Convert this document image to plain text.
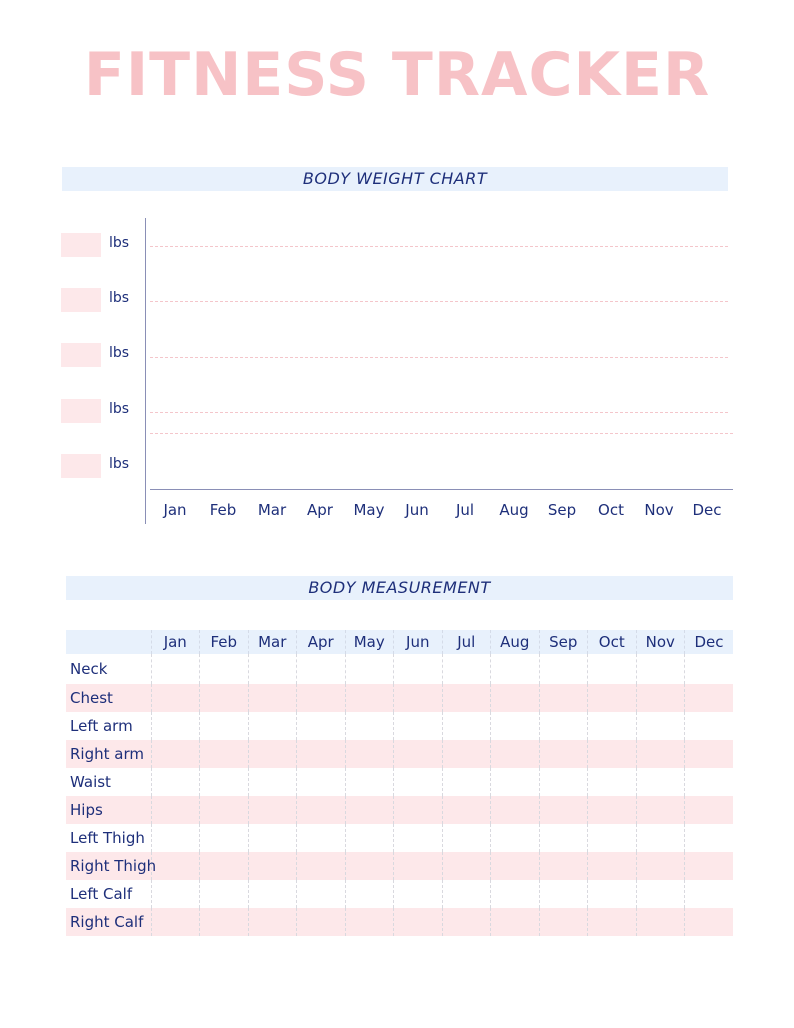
FITNESS TRACKER
BODY WEIGHT CHART
lbs
lbs
lbs
lbs
lbs
Jan	Feb	Mar	Apr	May	Jun	Jul	Aug	Sep	Oct	Nov	Dec
BODY MEASUREMENT
	Jan	Feb	Mar	Apr	May	Jun	Jul	Aug	Sep	Oct	Nov	Dec
Neck												
Chest												
Left arm												
Right arm												
Waist												
Hips												
Left Thigh												
Right Thigh												
Left Calf												
Right Calf												
